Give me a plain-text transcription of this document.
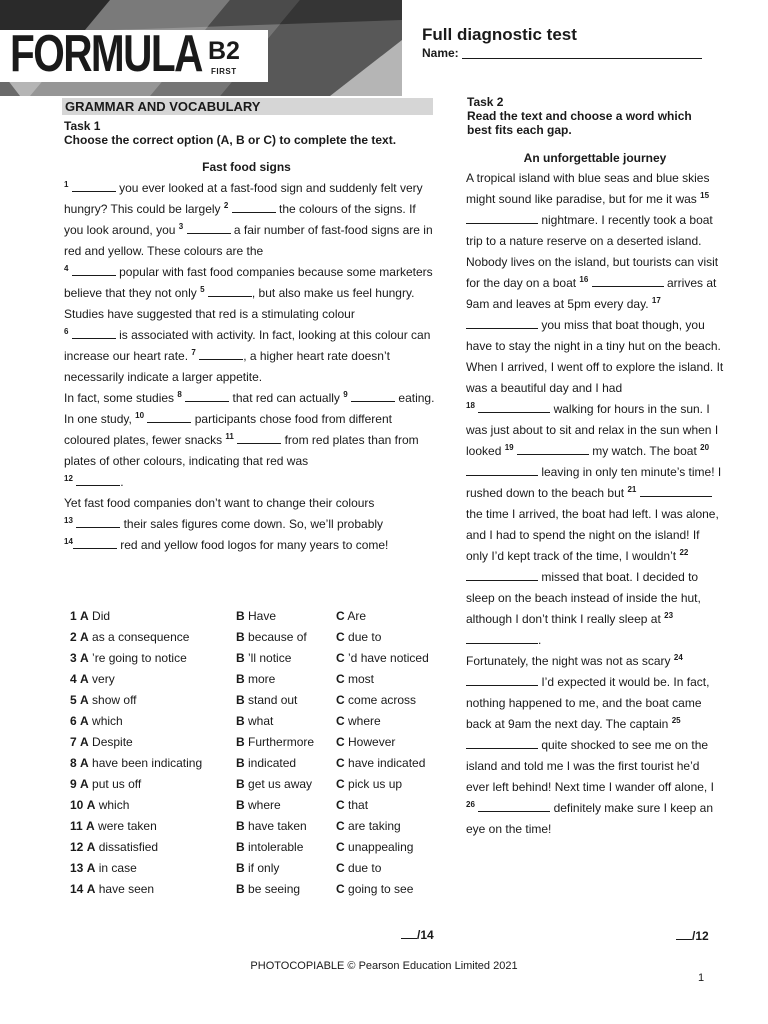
FORMULA B2
FIRST
Full diagnostic test
Name:
GRAMMAR AND VOCABULARY
Task 1
Choose the correct option (A, B or C) to complete the text.
Fast food signs

$^1$	you ever looked at a fast-food sign and suddenly felt very hungry? This could be largely $^2$	the colours of the signs. If you look around, you $^3$	a fair number of fast-food signs are in red and yellow. These colours are the
$^4$	popular with fast food companies because some marketers believe that they not only $^5$	, but also make us feel hungry.

Studies have suggested that red is a stimulating colour
$^6$	is associated with activity. In fact, looking at this colour can increase our heart rate. $^7$	, a higher heart rate doesn’t necessarily indicate a larger appetite.

In fact, some studies $^8$	that red can actually $^9$	eating. In one study, $^{10}$	participants chose food from different coloured plates, fewer snacks $^{11}$	from red plates than from plates of other colours, indicating that red was
$^{12}$	.

Yet fast food companies don’t want to change their colours
$^{13}$	their sales figures come down. So, we’ll probably
$^{14}$	red and yellow food logos for many years to come!

1 A Did	B Have	C Are
2 A as a consequence	B because of C due to
3 A ’re going to notice	B ’ll notice	C ’d have noticed
4 A very	B more	C most
5 A show off	B stand out	C come across
6 A which	B what	C where
7 A Despite	B Furthermore C However
8 A have been indicating	B indicated	C have indicated
9 A put us off	B get us away C pick us up
10 A which	B where	C that
11 A were taken	B have taken C are taking
12 A dissatisfied	B intolerable	C unappealing
13 A in case	B if only	C due to
14 A have seen	B be seeing	C going to see
/14
Task 2
Read the text and choose a word which best fits each gap.
An unforgettable journey

A tropical island with blue seas and blue skies might sound like paradise, but for me it was $^{15}$  nightmare. I recently took a boat trip to a nature reserve on a deserted island. Nobody lives on the island, but tourists can visit for the day on a boat $^{16}$	arrives at 9am and leaves at 5pm every day. $^{17}$  you miss that boat though, you have to stay the night in a tiny hut on the beach.

When I arrived, I went off to explore the island. It was a beautiful day and I had
$^{18}$	walking for hours in the sun. I was just about to sit and relax in the sun when I looked $^{19}$	my watch. The boat $^{20}$  leaving in only ten minute’s time! I rushed down to the beach but $^{21}$  the time I arrived, the boat had left. I was alone, and I had to spend the night on the island! If only I’d kept track of the time, I wouldn’t $^{22}$  missed that boat. I decided to sleep on the beach instead of inside the hut, although I don’t think I really sleep at $^{23}$ .

Fortunately, the night was not as scary $^{24}$
I’d expected it would be. In fact, nothing happened to me, and the boat came back at 9am the next day. The captain $^{25}$  quite shocked to see me on the island and told me I was the first tourist he’d ever left behind! Next time I wander off alone, I
$^{26}$	definitely make sure I keep an eye on the time!

/12
PHOTOCOPIABLE © Pearson Education Limited 2021
1
